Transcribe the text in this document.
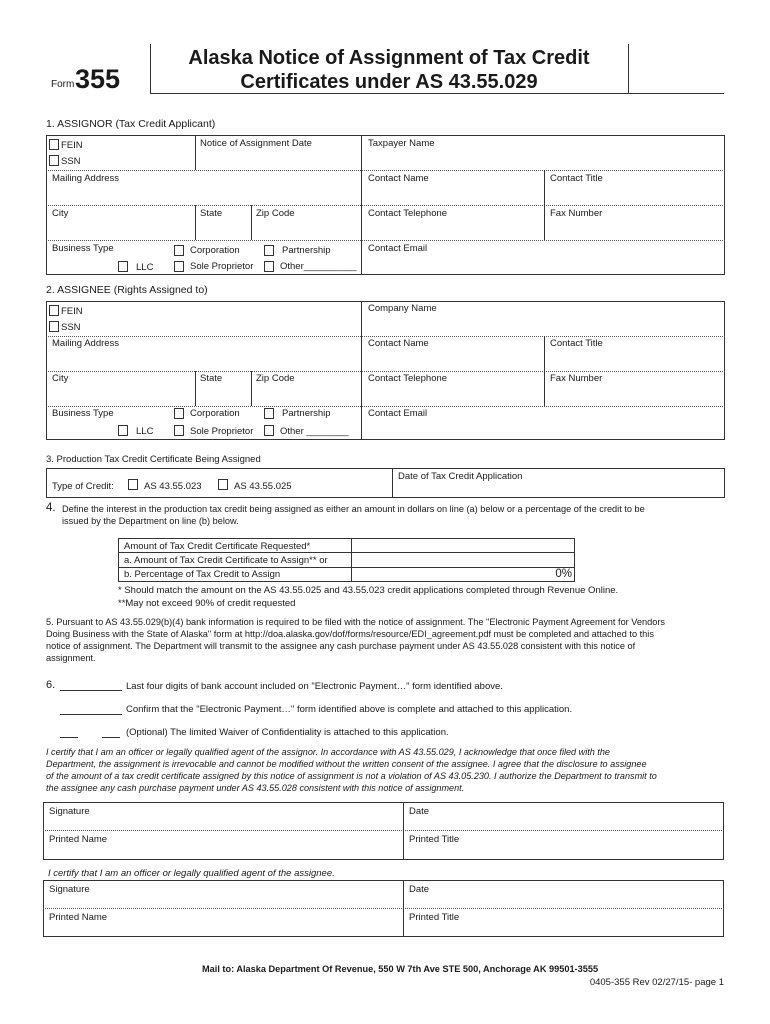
Form 355
Alaska Notice of Assignment of Tax Credit
Certificates under AS 43.55.029
1. ASSIGNOR (Tax Credit Applicant)
FEIN
SSN
Notice of Assignment Date	Taxpayer Name
Mailing Address	Contact Name	Contact Title
City	State	Zip Code	Contact Telephone	Fax Number
Business Type	Corporation	Partnership
LLC	Sole Proprietor	Other__________
Contact Email
2. ASSIGNEE (Rights Assigned to)
FEIN
SSN
Company Name
Mailing Address	Contact Name	Contact Title
City	State	Zip Code	Contact Telephone	Fax Number
Business Type	Corporation	Partnership
LLC	Sole Proprietor	Other ________
Contact Email
3. Production Tax Credit Certificate Being Assigned
Type of Credit:	AS 43.55.023	AS 43.55.025
Date of Tax Credit Application
4. Define the interest in the production tax credit being assigned as either an amount in dollars on line (a) below or a percentage of the credit to be
issued by the Department on line (b) below.
Amount of Tax Credit Certificate Requested*
a. Amount of Tax Credit Certificate to Assign** or
b. Percentage of Tax Credit to Assign	0%
* Should match the amount on the AS 43.55.025 and 43.55.023 credit applications completed through Revenue Online.
**May not exceed 90% of credit requested
5. Pursuant to AS 43.55.029(b)(4) bank information is required to be filed with the notice of assignment. The "Electronic Payment Agreement for Vendors
Doing Business with the State of Alaska" form at http://doa.alaska.gov/dof/forms/resource/EDI_agreement.pdf must be completed and attached to this
notice of assignment. The Department will transmit to the assignee any cash purchase payment under AS 43.55.028 consistent with this notice of
assignment.
6.	Last four digits of bank account included on "Electronic Payment…" form identified above.
Confirm that the "Electronic Payment…" form identified above is complete and attached to this application.
(Optional) The limited Waiver of Confidentiality is attached to this application.
I certify that I am an officer or legally qualified agent of the assignor. In accordance with AS 43.55.029, I acknowledge that once filed with the
Department, the assignment is irrevocable and cannot be modified without the written consent of the assignee. I agree that the disclosure to assignee
of the amount of a tax credit certificate assigned by this notice of assignment is not a violation of AS 43.05.230. I authorize the Department to transmit to
the assignee any cash purchase payment under AS 43.55.028 consistent with this notice of assignment.
Signature	Date
Printed Name	Printed Title
I certify that I am an officer or legally qualified agent of the assignee.
Signature	Date
Printed Name	Printed Title
Mail to: Alaska Department Of Revenue, 550 W 7th Ave STE 500, Anchorage AK 99501-3555
0405-355 Rev 02/27/15- page 1
